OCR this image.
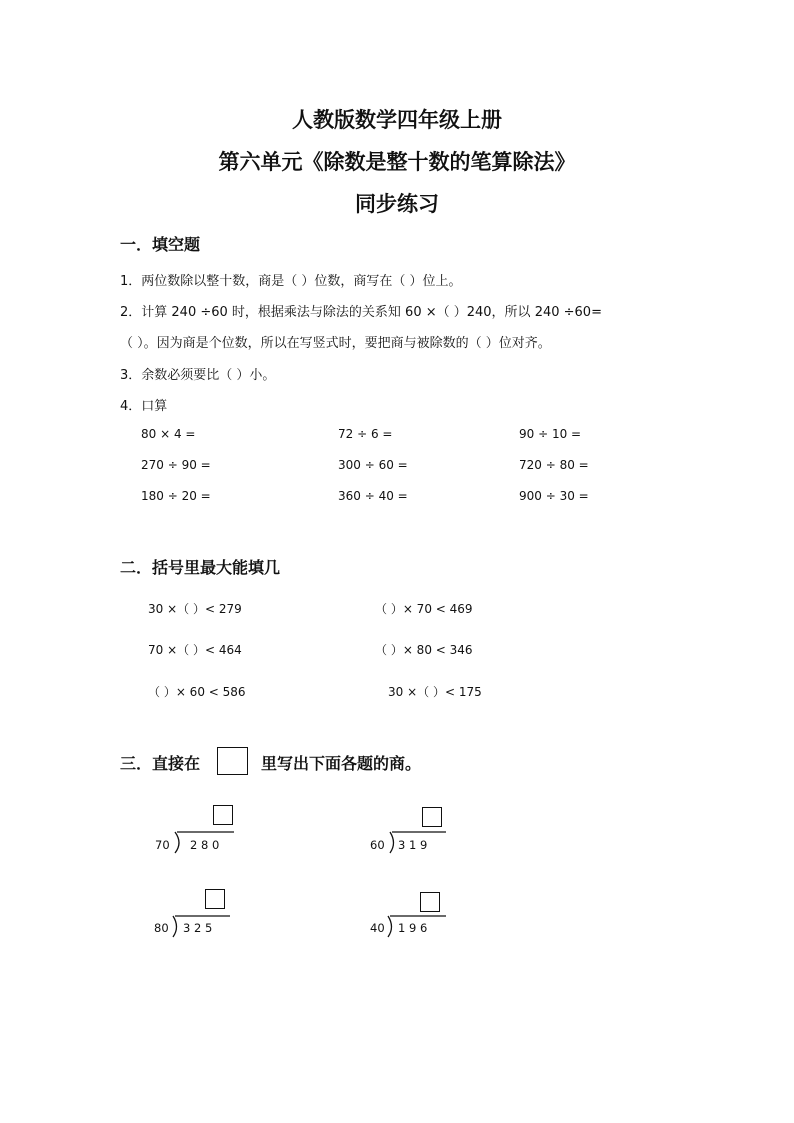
人教版数学四年级上册
第六单元《除数是整十数的笔算除法》
同步练习
一．填空题
1．两位数除以整十数，商是（ ）位数，商写在（ ）位上。
2．计算 240 ÷60 时，根据乘法与除法的关系知 60 ×（ ）240，所以 240 ÷60=
（ ）。因为商是个位数，所以在写竖式时，要把商与被除数的（ ）位对齐。
3．余数必须要比（ ）小。
4．口算
80 × 4 =	72 ÷ 6 =	90 ÷ 10 =
270 ÷ 90 =	300 ÷ 60 =	720 ÷ 80 =
180 ÷ 20 =	360 ÷ 40 =	900 ÷ 30 =
二．括号里最大能填几
30 ×（ ）< 279	（ ）× 70 < 469
70 ×（ ）< 464	（ ）× 80 < 346
（ ）× 60 < 586	30 ×（ ）< 175
三．直接在	里写出下面各题的商。
70 2 8 0	60 3 1 9
80 3 2 5	40 1 9 6
